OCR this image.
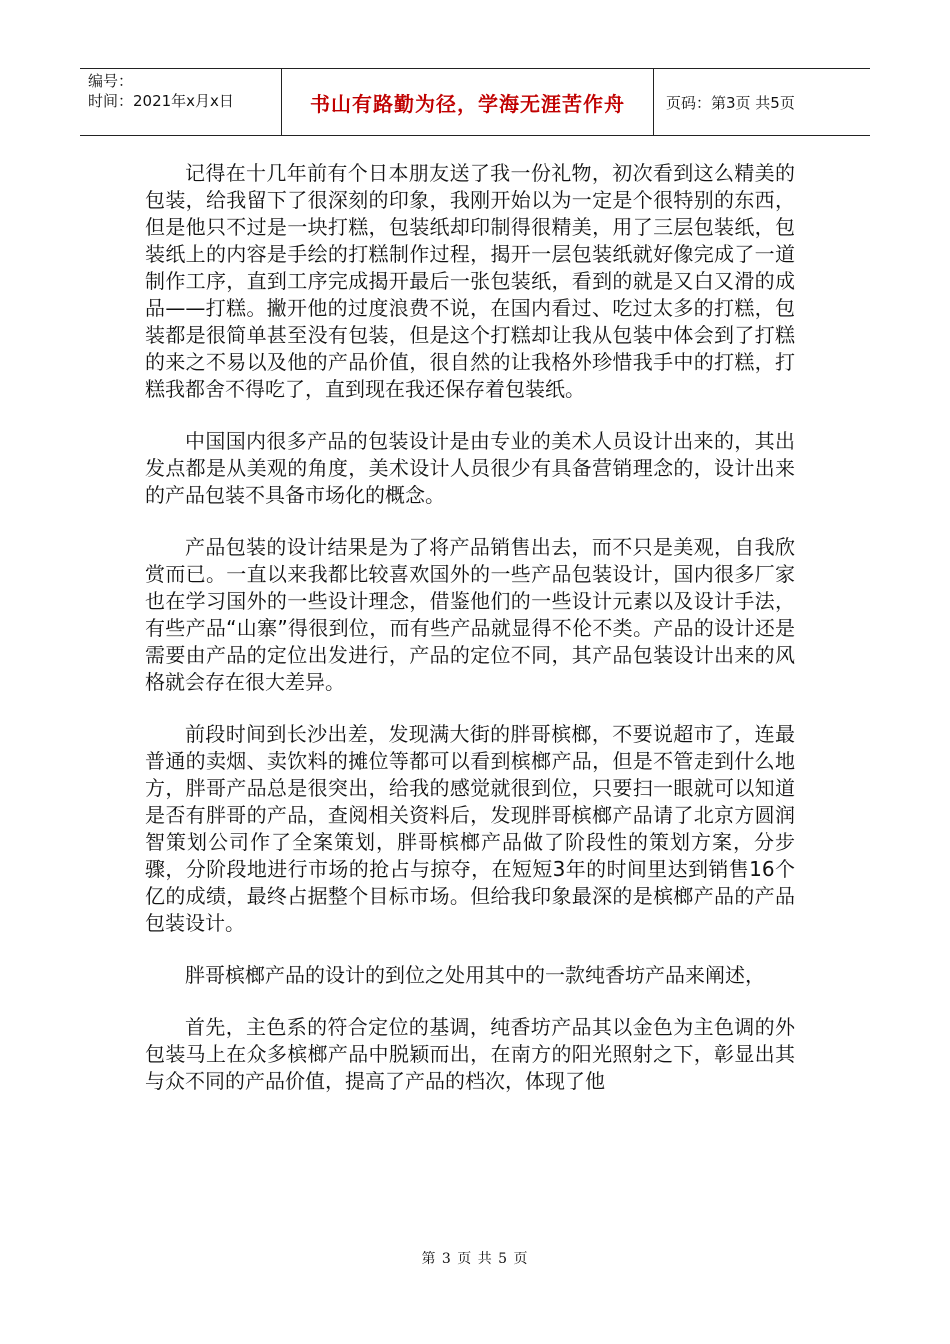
编号：
时间：2021年x月x日	书山有路勤为径，学海无涯苦作舟	页码：第3页 共5页

记得在十几年前有个日本朋友送了我一份礼物，初次看到这么精美的包装，给我留下了很深刻的印象，我刚开始以为一定是个很特别的东西，但是他只不过是一块打糕，包装纸却印制得很精美，用了三层包装纸，包装纸上的内容是手绘的打糕制作过程，揭开一层包装纸就好像完成了一道制作工序，直到工序完成揭开最后一张包装纸，看到的就是又白又滑的成品——打糕。撇开他的过度浪费不说，在国内看过、吃过太多的打糕，包装都是很简单甚至没有包装，但是这个打糕却让我从包装中体会到了打糕的来之不易以及他的产品价值，很自然的让我格外珍惜我手中的打糕，打糕我都舍不得吃了，直到现在我还保存着包装纸。

中国国内很多产品的包装设计是由专业的美术人员设计出来的，其出发点都是从美观的角度，美术设计人员很少有具备营销理念的，设计出来的产品包装不具备市场化的概念。

产品包装的设计结果是为了将产品销售出去，而不只是美观，自我欣赏而已。一直以来我都比较喜欢国外的一些产品包装设计，国内很多厂家也在学习国外的一些设计理念，借鉴他们的一些设计元素以及设计手法，有些产品“山寨”得很到位，而有些产品就显得不伦不类。产品的设计还是需要由产品的定位出发进行，产品的定位不同，其产品包装设计出来的风格就会存在很大差异。

前段时间到长沙出差，发现满大街的胖哥槟榔，不要说超市了，连最普通的卖烟、卖饮料的摊位等都可以看到槟榔产品，但是不管走到什么地方，胖哥产品总是很突出，给我的感觉就很到位，只要扫一眼就可以知道是否有胖哥的产品，查阅相关资料后，发现胖哥槟榔产品请了北京方圆润智策划公司作了全案策划，胖哥槟榔产品做了阶段性的策划方案，分步骤，分阶段地进行市场的抢占与掠夺，在短短3年的时间里达到销售16个亿的成绩，最终占据整个目标市场。但给我印象最深的是槟榔产品的产品包装设计。

胖哥槟榔产品的设计的到位之处用其中的一款纯香坊产品来阐述，

首先，主色系的符合定位的基调，纯香坊产品其以金色为主色调的外包装马上在众多槟榔产品中脱颖而出，在南方的阳光照射之下，彰显出其与众不同的产品价值，提高了产品的档次，体现了他

第 3 页 共 5 页
